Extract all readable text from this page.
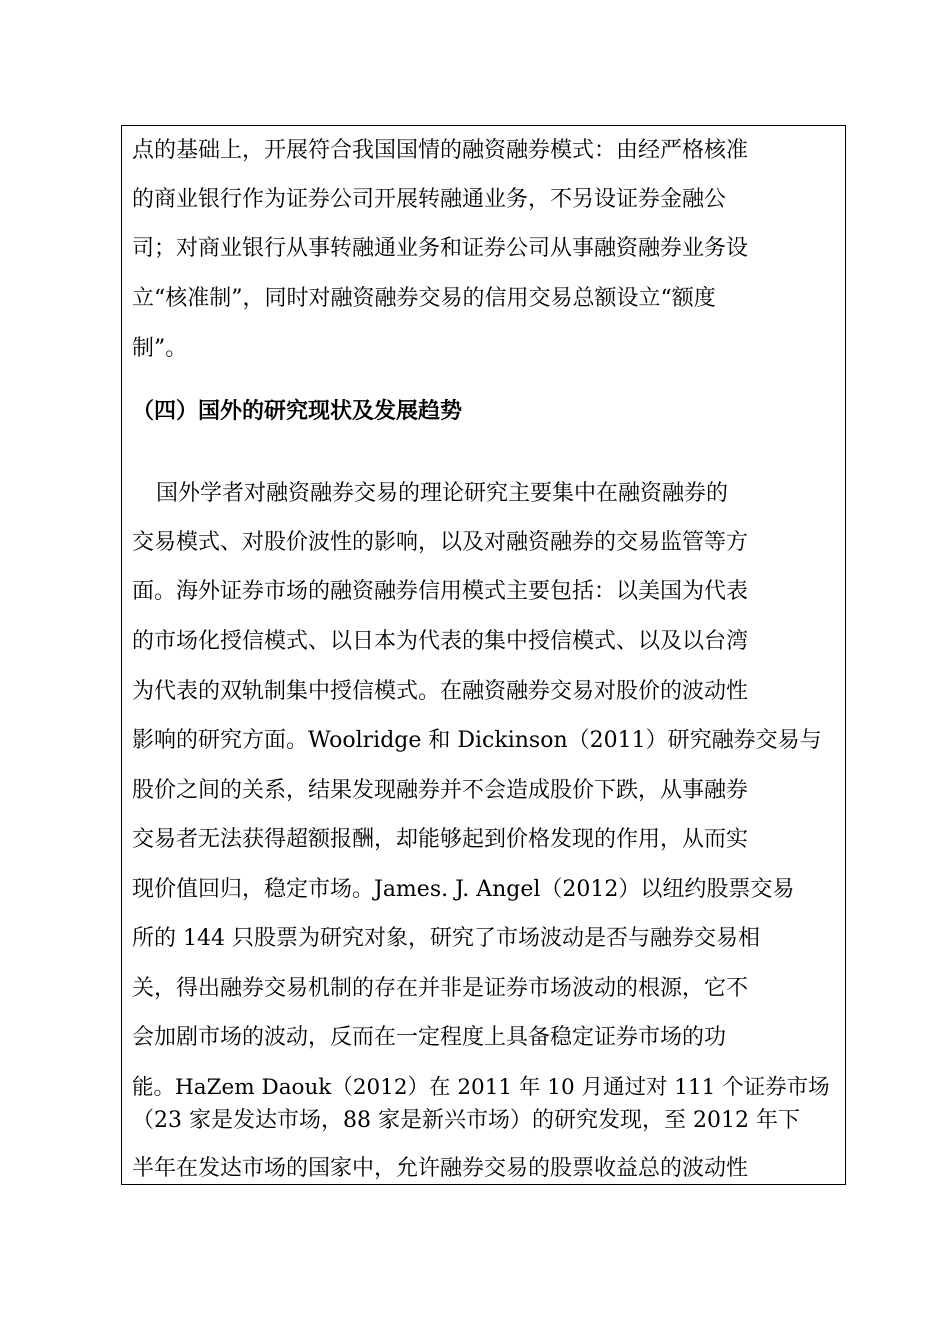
点的基础上，开展符合我国国情的融资融券模式：由经严格核准
的商业银行作为证券公司开展转融通业务，不另设证券金融公
司；对商业银行从事转融通业务和证券公司从事融资融券业务设
立“核准制”，同时对融资融券交易的信用交易总额设立“额度
制”。
（四）国外的研究现状及发展趋势
国外学者对融资融券交易的理论研究主要集中在融资融券的
交易模式、对股价波性的影响，以及对融资融券的交易监管等方
面。海外证券市场的融资融券信用模式主要包括：以美国为代表
的市场化授信模式、以日本为代表的集中授信模式、以及以台湾
为代表的双轨制集中授信模式。在融资融券交易对股价的波动性
影响的研究方面。Woolridge 和 Dickinson（2011）研究融券交易与
股价之间的关系，结果发现融券并不会造成股价下跌，从事融券
交易者无法获得超额报酬，却能够起到价格发现的作用，从而实
现价值回归，稳定市场。James. J. Angel（2012）以纽约股票交易
所的 144 只股票为研究对象，研究了市场波动是否与融券交易相
关，得出融券交易机制的存在并非是证券市场波动的根源，它不
会加剧市场的波动，反而在一定程度上具备稳定证券市场的功
能。HaZem Daouk（2012）在 2011 年 10 月通过对 111 个证券市场
（23 家是发达市场，88 家是新兴市场）的研究发现，至 2012 年下
半年在发达市场的国家中，允许融券交易的股票收益总的波动性
